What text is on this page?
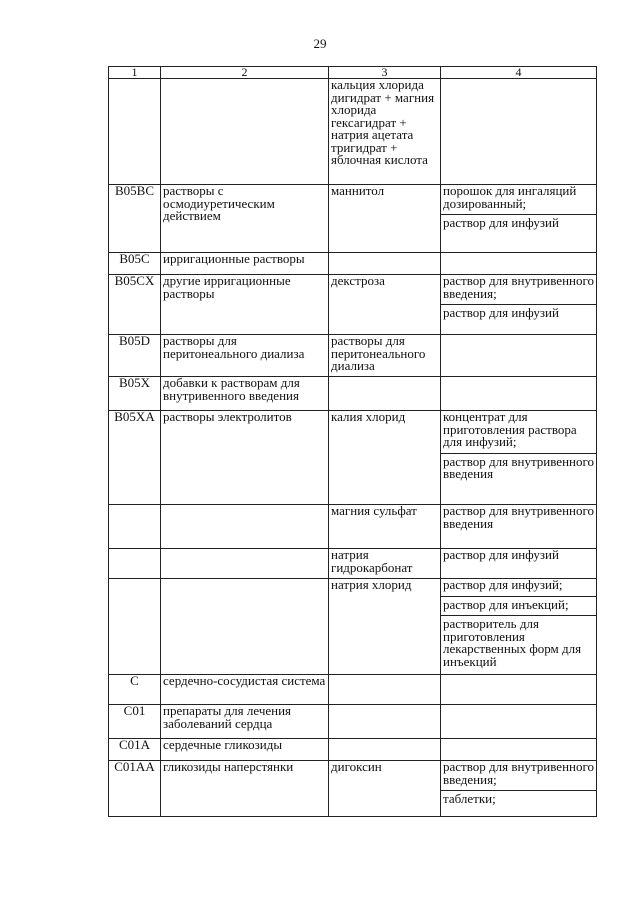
29
1	2	3	4
		кальция хлорида дигидрат + магния хлорида гексагидрат + натрия ацетата тригидрат + яблочная кислота	
B05BC	растворы с осмодиуретическим действием	маннитол	порошок для ингаляций дозированный;
раствор для инфузий

B05C	ирригационные растворы		
B05CX	другие ирригационные растворы	декстроза	раствор для внутривенного введения;
раствор для инфузий

B05D	растворы для перитонеального диализа	растворы для перитонеального диализа	
B05X	добавки к растворам для внутривенного введения		
B05XA	растворы электролитов	калия хлорид	концентрат для приготовления раствора для инфузий;
раствор для внутривенного введения

		магния сульфат	раствор для внутривенного введения

		натрия гидрокарбонат	раствор для инфузий

		натрия хлорид	раствор для инфузий;
раствор для инъекций;
растворитель для приготовления лекарственных форм для инъекций

C	сердечно-сосудистая система		
C01	препараты для лечения заболеваний сердца		
C01A	сердечные гликозиды		
C01AA	гликозиды наперстянки	дигоксин	раствор для внутривенного введения;
таблетки;
